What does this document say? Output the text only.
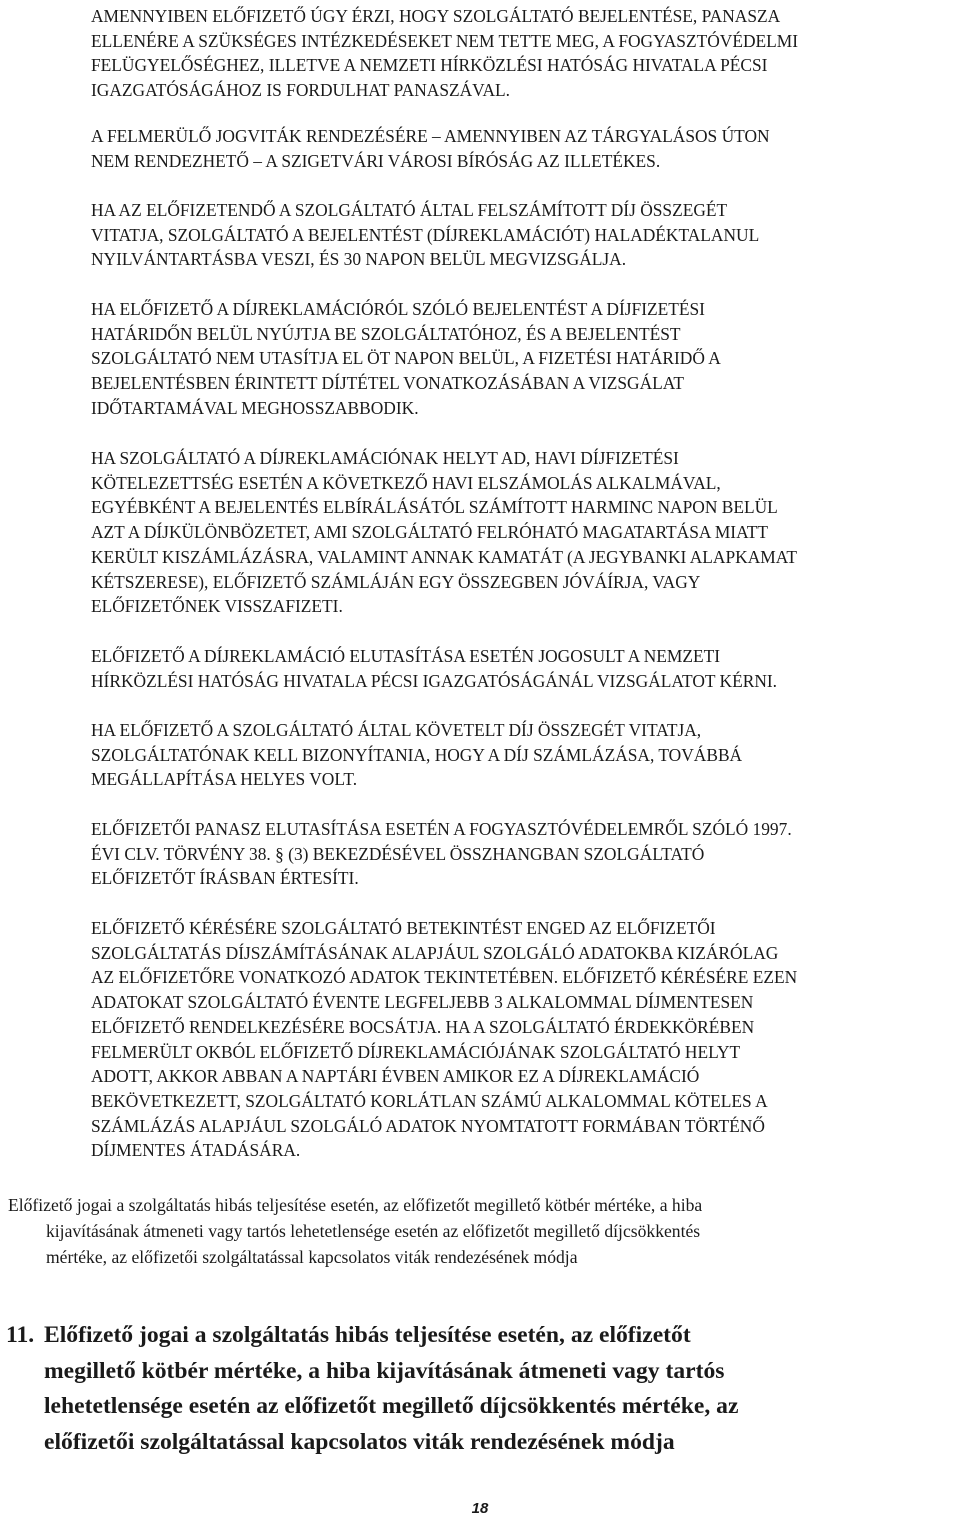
AMENNYIBEN ELŐFIZETŐ ÚGY ÉRZI, HOGY SZOLGÁLTATÓ BEJELENTÉSE, PANASZA
ELLENÉRE A SZÜKSÉGES INTÉZKEDÉSEKET NEM TETTE MEG, A FOGYASZTÓVÉDELMI
FELÜGYELŐSÉGHEZ, ILLETVE A NEMZETI HÍRKÖZLÉSI HATÓSÁG HIVATALA PÉCSI
IGAZGATÓSÁGÁHOZ IS FORDULHAT PANASZÁVAL.

A FELMERÜLŐ JOGVITÁK RENDEZÉSÉRE – AMENNYIBEN AZ TÁRGYALÁSOS ÚTON
NEM RENDEZHETŐ – A SZIGETVÁRI VÁROSI BÍRÓSÁG AZ ILLETÉKES.

HA AZ ELŐFIZETENDŐ A SZOLGÁLTATÓ ÁLTAL FELSZÁMÍTOTT DÍJ ÖSSZEGÉT
VITATJA, SZOLGÁLTATÓ A BEJELENTÉST (DÍJREKLAMÁCIÓT) HALADÉKTALANUL
NYILVÁNTARTÁSBA VESZI, ÉS 30 NAPON BELÜL MEGVIZSGÁLJA.

HA ELŐFIZETŐ A DÍJREKLAMÁCIÓRÓL SZÓLÓ BEJELENTÉST A DÍJFIZETÉSI
HATÁRIDŐN BELÜL NYÚJTJA BE SZOLGÁLTATÓHOZ, ÉS A BEJELENTÉST
SZOLGÁLTATÓ NEM UTASÍTJA EL ÖT NAPON BELÜL, A FIZETÉSI HATÁRIDŐ A
BEJELENTÉSBEN ÉRINTETT DÍJTÉTEL VONATKOZÁSÁBAN A VIZSGÁLAT
IDŐTARTAMÁVAL MEGHOSSZABBODIK.

HA SZOLGÁLTATÓ A DÍJREKLAMÁCIÓNAK HELYT AD, HAVI DÍJFIZETÉSI
KÖTELEZETTSÉG ESETÉN A KÖVETKEZŐ HAVI ELSZÁMOLÁS ALKALMÁVAL,
EGYÉBKÉNT A BEJELENTÉS ELBÍRÁLÁSÁTÓL SZÁMÍTOTT HARMINC NAPON BELÜL
AZT A DÍJKÜLÖNBÖZETET, AMI SZOLGÁLTATÓ FELRÓHATÓ MAGATARTÁSA MIATT
KERÜLT KISZÁMLÁZÁSRA, VALAMINT ANNAK KAMATÁT (A JEGYBANKI ALAPKAMAT
KÉTSZERESE), ELŐFIZETŐ SZÁMLÁJÁN EGY ÖSSZEGBEN JÓVÁÍRJA, VAGY
ELŐFIZETŐNEK VISSZAFIZETI.

ELŐFIZETŐ A DÍJREKLAMÁCIÓ ELUTASÍTÁSA ESETÉN JOGOSULT A NEMZETI
HÍRKÖZLÉSI HATÓSÁG HIVATALA PÉCSI IGAZGATÓSÁGÁNÁL VIZSGÁLATOT KÉRNI.

HA ELŐFIZETŐ A SZOLGÁLTATÓ ÁLTAL KÖVETELT DÍJ ÖSSZEGÉT VITATJA,
SZOLGÁLTATÓNAK KELL BIZONYÍTANIA, HOGY A DÍJ SZÁMLÁZÁSA, TOVÁBBÁ
MEGÁLLAPÍTÁSA HELYES VOLT.

ELŐFIZETŐI PANASZ ELUTASÍTÁSA ESETÉN A FOGYASZTÓVÉDELEMRŐL SZÓLÓ 1997.
ÉVI CLV. TÖRVÉNY 38. § (3) BEKEZDÉSÉVEL ÖSSZHANGBAN SZOLGÁLTATÓ
ELŐFIZETŐT ÍRÁSBAN ÉRTESÍTI.

ELŐFIZETŐ KÉRÉSÉRE SZOLGÁLTATÓ BETEKINTÉST ENGED AZ ELŐFIZETŐI
SZOLGÁLTATÁS DÍJSZÁMÍTÁSÁNAK ALAPJÁUL SZOLGÁLÓ ADATOKBA KIZÁRÓLAG
AZ ELŐFIZETŐRE VONATKOZÓ ADATOK TEKINTETÉBEN. ELŐFIZETŐ KÉRÉSÉRE EZEN
ADATOKAT SZOLGÁLTATÓ ÉVENTE LEGFELJEBB 3 ALKALOMMAL DÍJMENTESEN
ELŐFIZETŐ RENDELKEZÉSÉRE BOCSÁTJA. HA A SZOLGÁLTATÓ ÉRDEKKÖRÉBEN
FELMERÜLT OKBÓL ELŐFIZETŐ DÍJREKLAMÁCIÓJÁNAK SZOLGÁLTATÓ HELYT
ADOTT, AKKOR ABBAN A NAPTÁRI ÉVBEN AMIKOR EZ A DÍJREKLAMÁCIÓ
BEKÖVETKEZETT, SZOLGÁLTATÓ KORLÁTLAN SZÁMÚ ALKALOMMAL KÖTELES A
SZÁMLÁZÁS ALAPJÁUL SZOLGÁLÓ ADATOK NYOMTATOTT FORMÁBAN TÖRTÉNŐ
DÍJMENTES ÁTADÁSÁRA.

Előfizető jogai a szolgáltatás hibás teljesítése esetén, az előfizetőt megillető kötbér mértéke, a hiba
kijavításának átmeneti vagy tartós lehetetlensége esetén az előfizetőt megillető díjcsökkentés
mértéke, az előfizetői szolgáltatással kapcsolatos viták rendezésének módja

11. Előfizető jogai a szolgáltatás hibás teljesítése esetén, az előfizetőt
megillető kötbér mértéke, a hiba kijavításának átmeneti vagy tartós
lehetetlensége esetén az előfizetőt megillető díjcsökkentés mértéke, az
előfizetői szolgáltatással kapcsolatos viták rendezésének módja
18
